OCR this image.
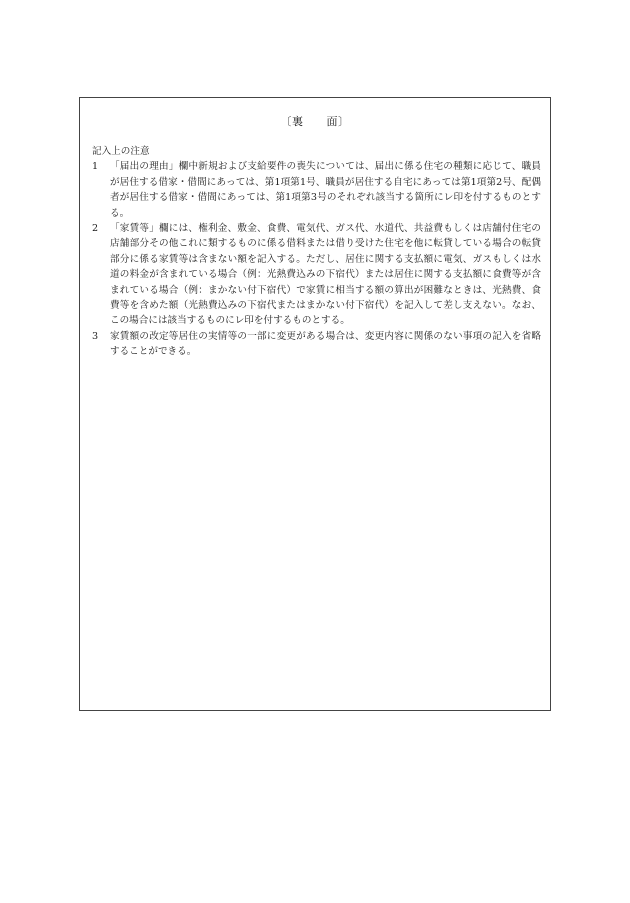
〔裏　　面〕

記入上の注意

1	「届出の理由」欄中新規および支給要件の喪失については、届出に係る住宅の種類に応じて、職員が居住する借家・借間にあっては、第1項第1号、職員が居住する自宅にあっては第1項第2号、配偶者が居住する借家・借間にあっては、第1項第3号のそれぞれ該当する箇所にレ印を付するものとする。
2	「家賃等」欄には、権利金、敷金、食費、電気代、ガス代、水道代、共益費もしくは店舗付住宅の店舗部分その他これに類するものに係る借料または借り受けた住宅を他に転貸している場合の転貸部分に係る家賃等は含まない額を記入する。ただし、居住に関する支払額に電気、ガスもしくは水道の料金が含まれている場合（例：光熱費込みの下宿代）または居住に関する支払額に食費等が含まれている場合（例：まかない付下宿代）で家賃に相当する額の算出が困難なときは、光熱費、食費等を含めた額（光熱費込みの下宿代またはまかない付下宿代）を記入して差し支えない。なお、この場合には該当するものにレ印を付するものとする。
3	家賃額の改定等居住の実情等の一部に変更がある場合は、変更内容に関係のない事項の記入を省略することができる。
